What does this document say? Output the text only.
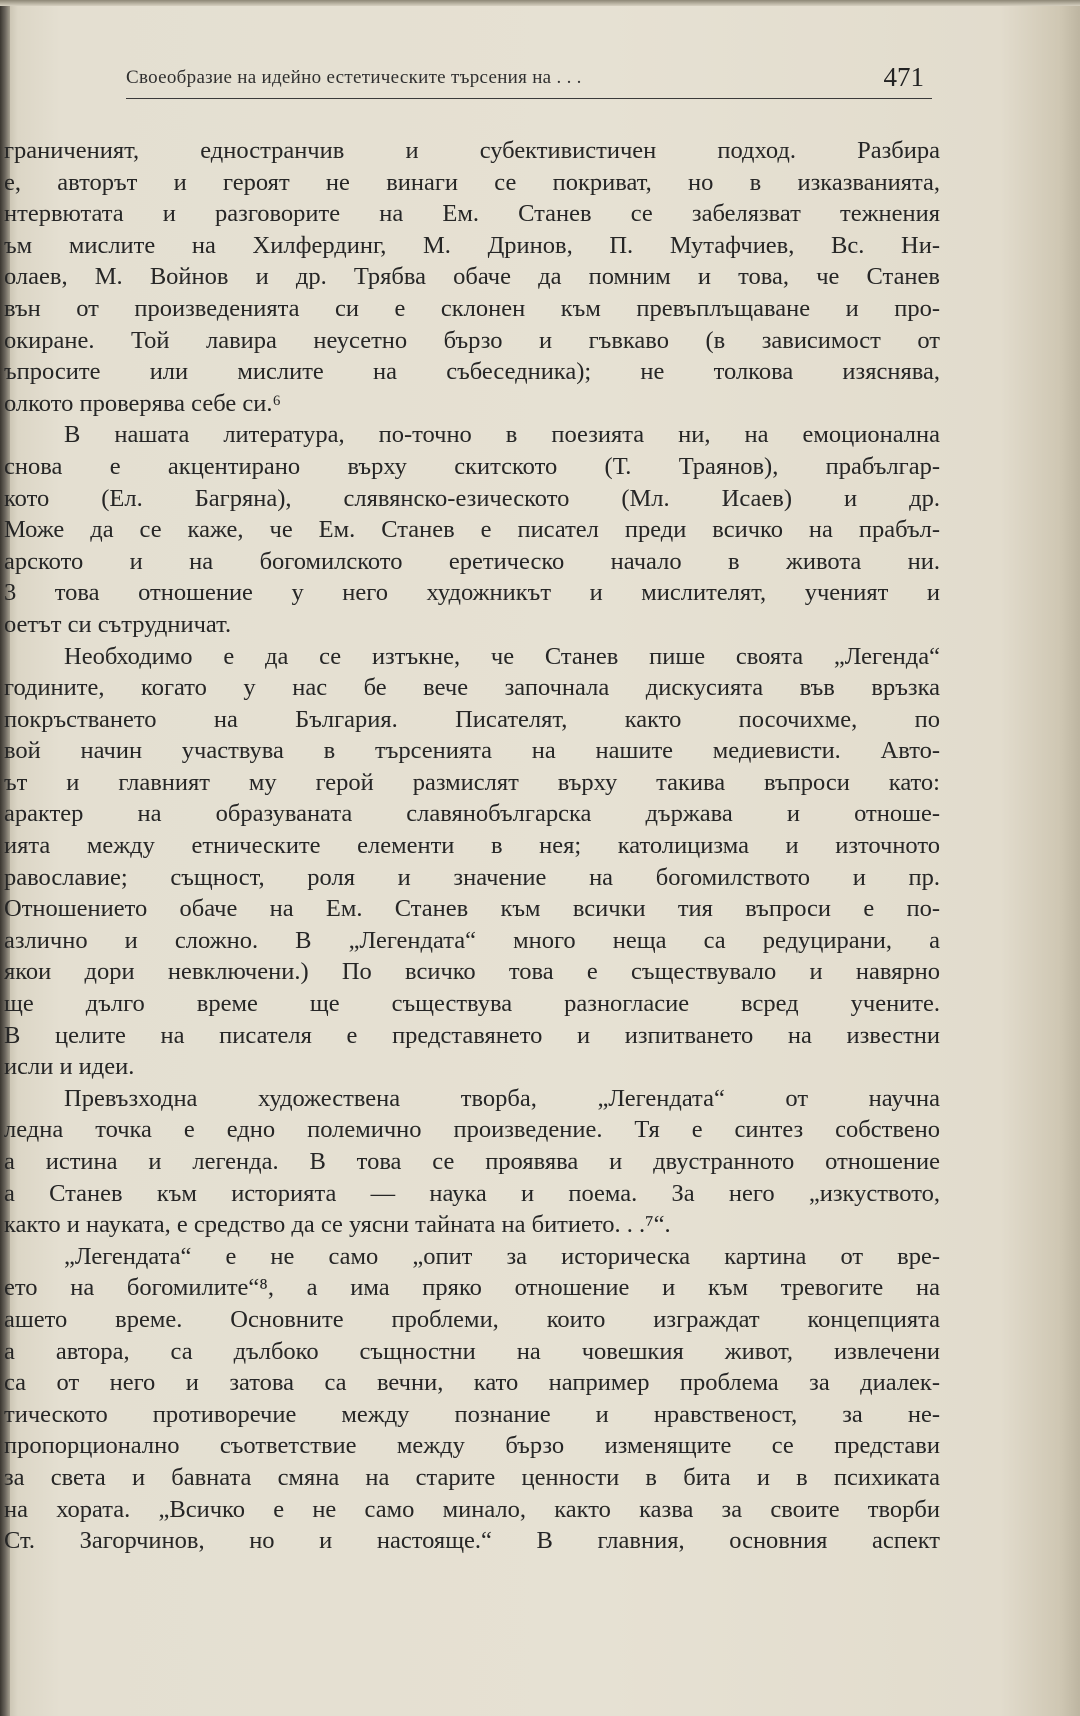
Своеобразие на идейно естетическите търсения на . . .	471
граниченият, едностранчив и субективистичен подход. Разбира
е, авторът и героят не винаги се покриват, но в изказванията,
нтервютата и разговорите на Ем. Станев се забелязват тежнения
ъм мислите на Хилфердинг, М. Дринов, П. Мутафчиев, Вс. Ни-
олаев, М. Войнов и др. Трябва обаче да помним и това, че Станев
вън от произведенията си е склонен към превъплъщаване и про-
окиране. Той лавира неусетно бързо и гъвкаво (в зависимост от
ъпросите или мислите на събеседника); не толкова изяснява,
олкото проверява себе си.⁶
В нашата литература, по-точно в поезията ни, на емоционална
снова е акцентирано върху скитското (Т. Траянов), прабългар-
кото (Ел. Багряна), слявянско-езическото (Мл. Исаев) и др.
Може да се каже, че Ем. Станев е писател преди всичко на прабъл-
арското и на богомилското еретическо начало в живота ни.
3 това отношение у него художникът и мислителят, ученият и
оетът си сътрудничат.
Необходимо е да се изтъкне, че Станев пише своята „Легенда“
годините, когато у нас бе вече започнала дискусията във връзка
покръстването на България. Писателят, както посочихме, по
вой начин участвува в търсенията на нашите медиевисти. Авто-
ът и главният му герой размислят върху такива въпроси като:
арактер на образуваната славянобългарска държава и отноше-
ията между етническите елементи в нея; католицизма и източното
равославие; същност, роля и значение на богомилството и пр.
Отношението обаче на Ем. Станев към всички тия въпроси е по-
азлично и сложно. В „Легендата“ много неща са редуцирани, а
якои дори невключени.) По всичко това е съществувало и навярно
ще дълго време ще съществува разногласие всред учените.
В целите на писателя е представянето и изпитването на известни
исли и идеи.
Превъзходна художествена творба, „Легендата“ от научна
ледна точка е едно полемично произведение. Тя е синтез собствено
а истина и легенда. В това се проявява и двустранното отношение
а Станев към историята — наука и поема. За него „изкуството,
както и науката, е средство да се уясни тайната на битието. . .⁷“.
„Легендата“ е не само „опит за историческа картина от вре-
ето на богомилите“⁸, а има пряко отношение и към тревогите на
ашето време. Основните проблеми, които изграждат концепцията
а автора, са дълбоко същностни на човешкия живот, извлечени
са от него и затова са вечни, като например проблема за диалек-
тическото противоречие между познание и нравственост, за не-
пропорционално съответствие между бързо изменящите се представи
за света и бавната смяна на старите ценности в бита и в психиката
на хората. „Всичко е не само минало, както казва за своите творби
Ст. Загорчинов, но и настояще.“ В главния, основния аспект
